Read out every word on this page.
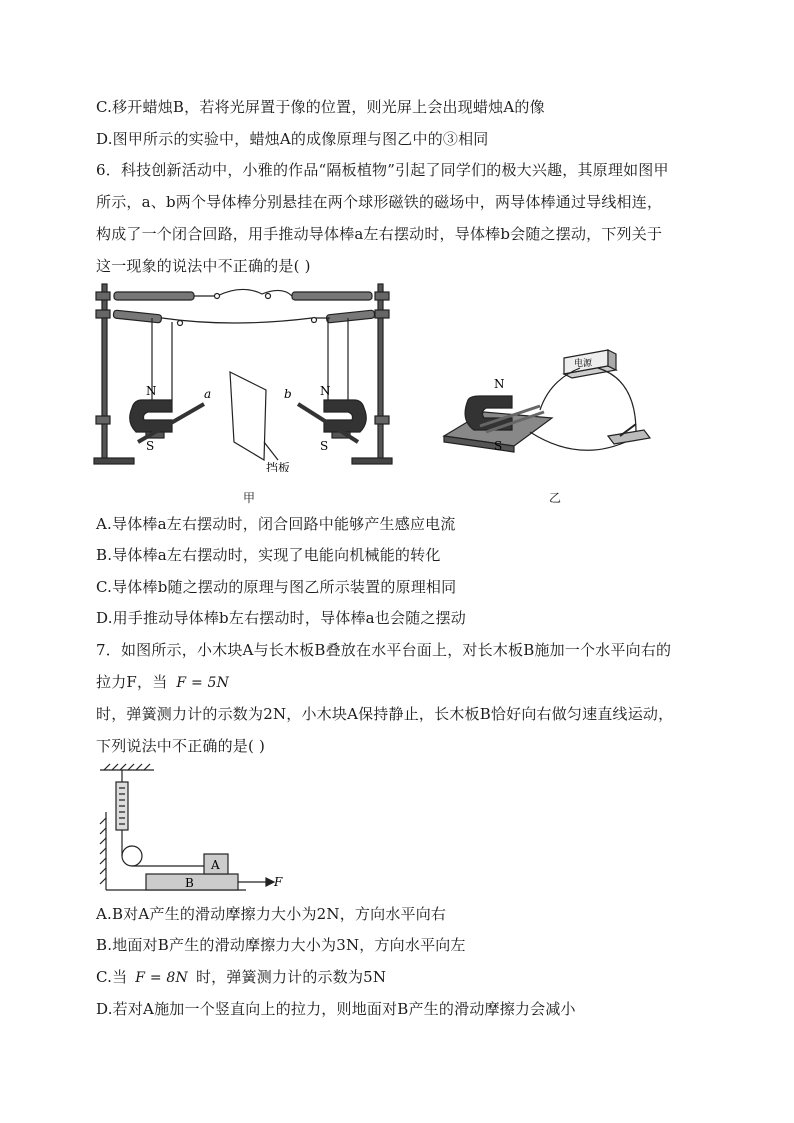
C.移开蜡烛B，若将光屏置于像的位置，则光屏上会出现蜡烛A的像
D.图甲所示的实验中，蜡烛A的成像原理与图乙中的③相同
6．科技创新活动中，小雅的作品“隔板植物”引起了同学们的极大兴趣，其原理如图甲
所示，a、b两个导体棒分别悬挂在两个球形磁铁的磁场中，两导体棒通过导线相连，
构成了一个闭合回路，用手推动导体棒a左右摆动时，导体棒b会随之摆动，下列关于
这一现象的说法中不正确的是( )
N
S
a	b N
S
挡板
N
S
电源
甲	乙
A.导体棒a左右摆动时，闭合回路中能够产生感应电流
B.导体棒a左右摆动时，实现了电能向机械能的转化
C.导体棒b随之摆动的原理与图乙所示装置的原理相同
D.用手推动导体棒b左右摆动时，导体棒a也会随之摆动
7．如图所示，小木块A与长木板B叠放在水平台面上，对长木板B施加一个水平向右的
拉力F，当 F = 5N
时，弹簧测力计的示数为2N，小木块A保持静止，长木板B恰好向右做匀速直线运动，
下列说法中不正确的是( )
A
B	F
A.B对A产生的滑动摩擦力大小为2N，方向水平向右
B.地面对B产生的滑动摩擦力大小为3N，方向水平向左
C.当 F = 8N 时，弹簧测力计的示数为5N
D.若对A施加一个竖直向上的拉力，则地面对B产生的滑动摩擦力会减小
